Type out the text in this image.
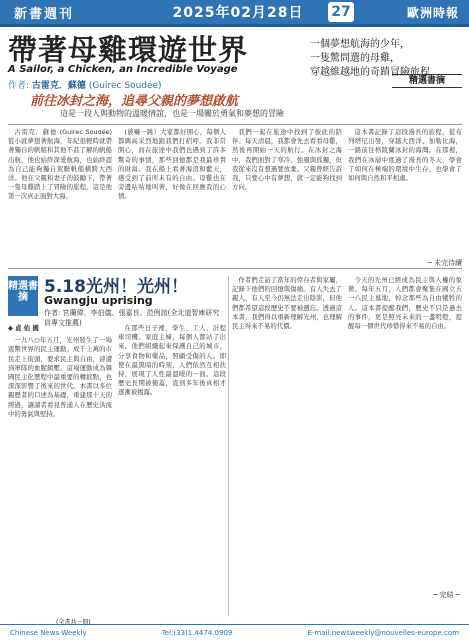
新書週刊	2025年02月28日	27	歐洲時報
帶著母雞環遊世界	一個夢想航海的少年，
一隻驚問選的母雞，
穿越維越地的奇蹟冒險旅程
A Sailor, a Chicken, an Incredible Voyage
作者: 古雷克．蘇德 (Guirec Soudée)	精選書摘
前往冰封之海，追尋父親的夢想啟航
這是一段人與動物的溫暖情誼，也是一場關於勇氣和夢想的冒險

古雷克．蘇德 (Guirec Soudée) 從小就夢想著航海，年紀很輕時就帶著獨自的帆船和其他不甚了解的帆船出航，他也始終深愛航海，也始終認為自己能夠獨自駕駛帆船橫跨大西洋。他在父親和妻子的鼓勵下，帶著一隻母雞踏上了冒險的旅程，這是他第一次真正面對大海。

(被嚇一跳）大家都好開心，每個人都興高采烈地跟我們打招呼。我非常開心，而在旅途中我們也遇到了許多驚奇的事情，那些回憶都是我最珍貴的財富。我在船上看著海浪和藍天，感受到了前所未有的自由。母雞也在旁邊咕咕地叫著，好像在回應我的心情。

我們一起在旅途中找到了彼此的陪伴。每天清晨，我都會先去看看母雞，然後再開始一天的航行。在冰封之海中，我們面對了寒冷、強風與孤獨，但我從來沒有想過要放棄。父親曾經告訴我，只要心中有夢想，就一定能夠找到方向。

這本書記錄了這段漫長的旅程，從布列塔尼出發，穿越大西洋、加勒比海，一路前往格陵蘭冰封的海灣。在那裡，我們在冰層中度過了漫長的冬天，學會了如何在極端的環境中生存，也學會了如何與自然和平相處。

─ 未完待續
精選書摘
5.18光州！光州！
Gwangju uprising
作者: 宮蘭偉、李伯儀、張嘉良、范例誼(全北道智庫研究員專文推薦)
◆ 貞 佑 國

一九八○年五月，光州發生了一場震驚世界的民主運動。成千上萬的市民走上街頭，要求民主與自由，卻遭到軍隊的血腥鎮壓。這場運動成為韓國民主化歷程中最重要的轉捩點，也深深影響了後來的世代。本書以多位親歷者的口述為基礎，重建那十天的經過，讓讀者看見普通人在歷史洪流中的勇氣與堅持。

在那些日子裡，學生、工人、計程車司機、家庭主婦，每個人都站了出來。他們組織起來保護自己的城市，分享食物和藥品，照顧受傷的人。即使在最黑暗的時刻，人們依然互相扶持，展現了人性最溫暖的一面。這段歷史長期被掩蓋，直到多年後真相才逐漸被揭露。

作者們走訪了當年的倖存者與家屬，記錄下他們的回憶與傷痛。有人失去了親人，有人至今仍無法走出陰影，但他們都希望這段歷史不要被遺忘。透過這本書，我們得以重新理解光州，也理解民主得來不易的代價。

今天的光州已經成為民主與人權的象徵。每年五月，人們都會聚集在國立五一八民主墓地，悼念那些為自由犧牲的人。這本書提醒我們，歷史不只是過去的事件，更是照亮未來的一盞明燈，提醒每一個世代珍惜得來不易的自由。

─ 完結 ─
(全書共一冊)
Chinese News Weekly	Tel:(33)1.4474.0909	E-mail:newsweekly@nouvelles-europe.com
